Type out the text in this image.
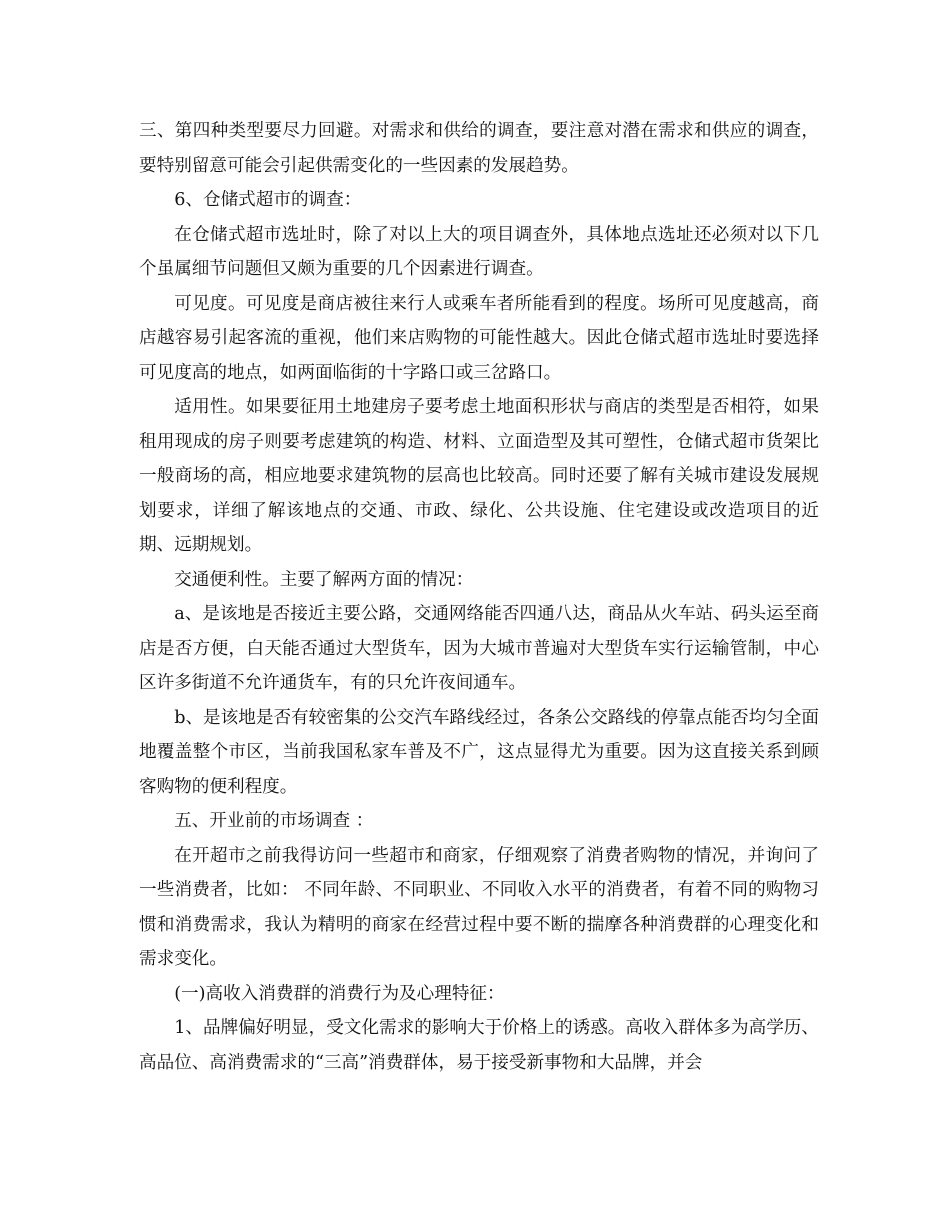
三、第四种类型要尽力回避。对需求和供给的调查，要注意对潜在需求和供应的调查，要特别留意可能会引起供需变化的一些因素的发展趋势。

6、仓储式超市的调查：

在仓储式超市选址时，除了对以上大的项目调查外，具体地点选址还必须对以下几个虽属细节问题但又颇为重要的几个因素进行调查。

可见度。可见度是商店被往来行人或乘车者所能看到的程度。场所可见度越高，商店越容易引起客流的重视，他们来店购物的可能性越大。因此仓储式超市选址时要选择可见度高的地点，如两面临街的十字路口或三岔路口。

适用性。如果要征用土地建房子要考虑土地面积形状与商店的类型是否相符，如果租用现成的房子则要考虑建筑的构造、材料、立面造型及其可塑性，仓储式超市货架比一般商场的高，相应地要求建筑物的层高也比较高。同时还要了解有关城市建设发展规划要求，详细了解该地点的交通、市政、绿化、公共设施、住宅建设或改造项目的近期、远期规划。

交通便利性。主要了解两方面的情况：

a、是该地是否接近主要公路，交通网络能否四通八达，商品从火车站、码头运至商店是否方便，白天能否通过大型货车，因为大城市普遍对大型货车实行运输管制，中心区许多街道不允许通货车，有的只允许夜间通车。

b、是该地是否有较密集的公交汽车路线经过，各条公交路线的停靠点能否均匀全面地覆盖整个市区，当前我国私家车普及不广，这点显得尤为重要。因为这直接关系到顾客购物的便利程度。

五、开业前的市场调查 ：

在开超市之前我得访问一些超市和商家，仔细观察了消费者购物的情况，并询问了一些消费者，比如： 不同年龄、不同职业、不同收入水平的消费者，有着不同的购物习惯和消费需求，我认为精明的商家在经营过程中要不断的揣摩各种消费群的心理变化和需求变化。

(一)高收入消费群的消费行为及心理特征：

1、品牌偏好明显，受文化需求的影响大于价格上的诱惑。高收入群体多为高学历、高品位、高消费需求的“三高”消费群体，易于接受新事物和大品牌，并会
